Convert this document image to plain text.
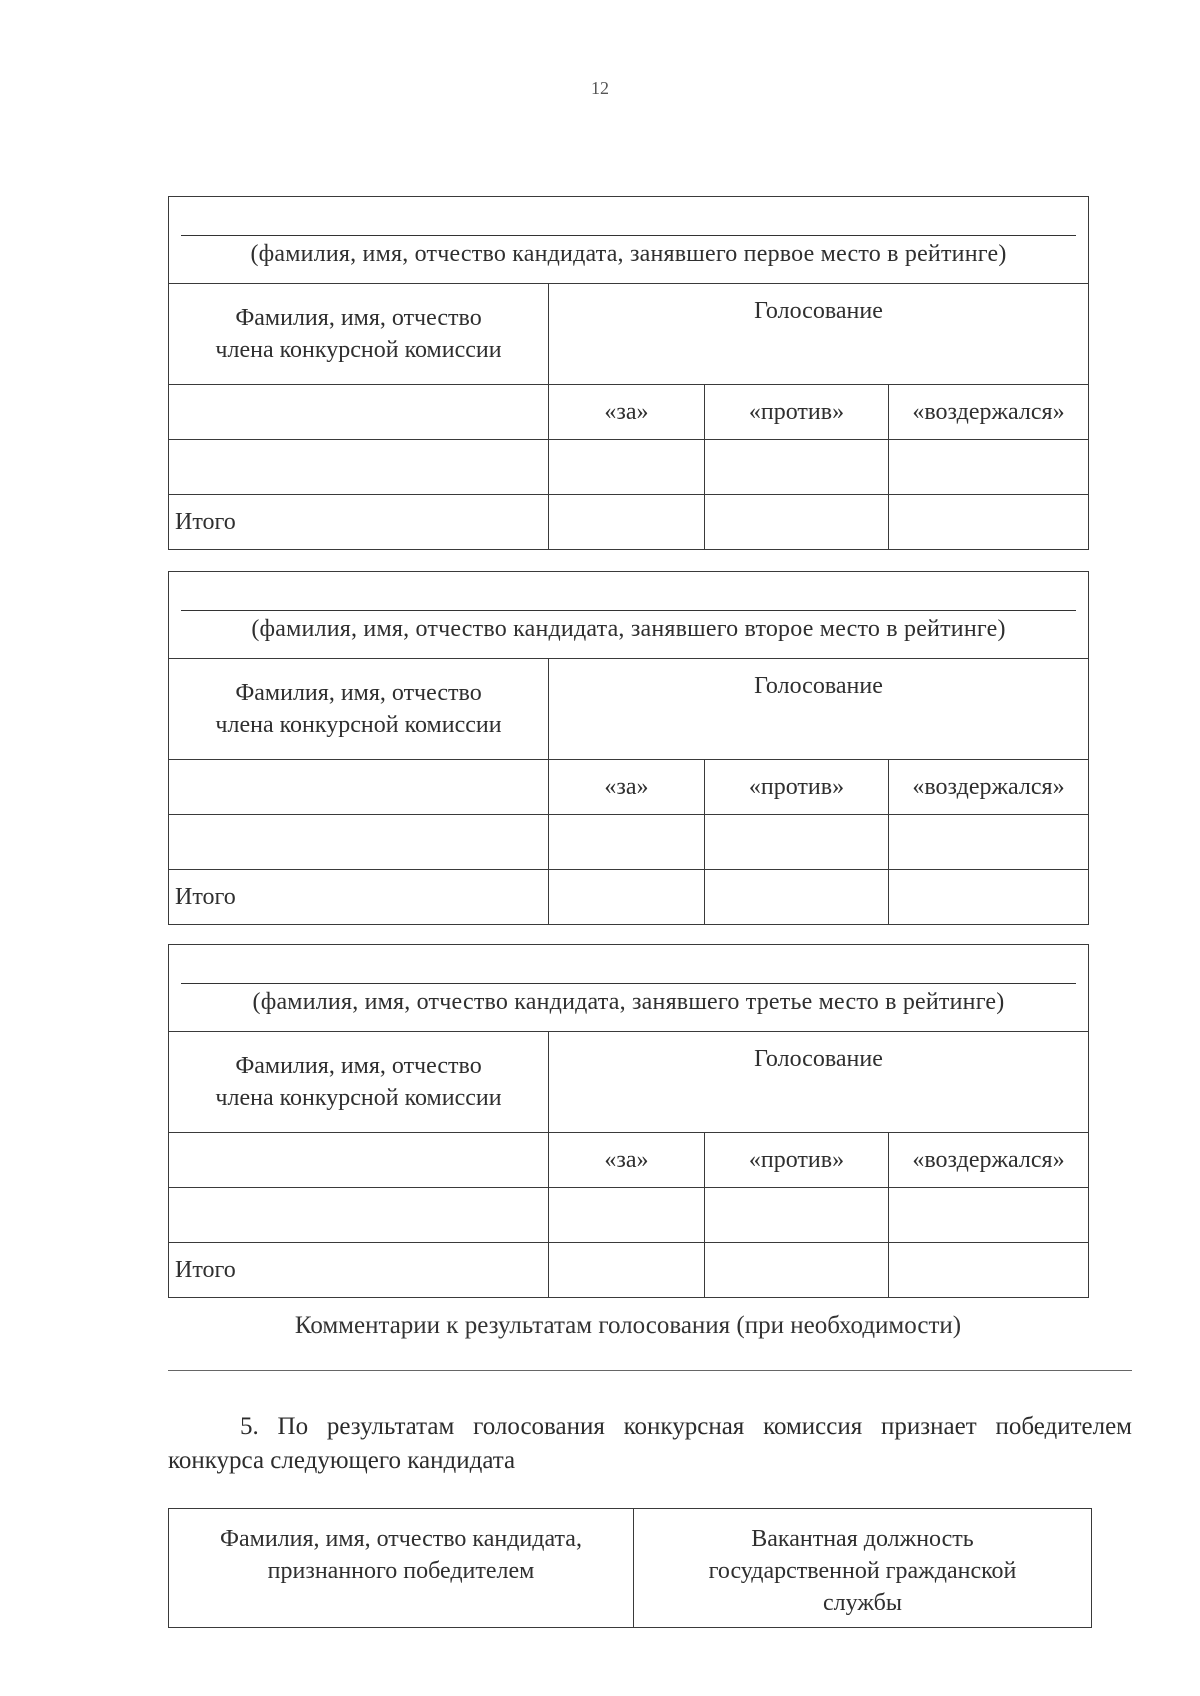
12
(фамилия, имя, отчество кандидата, занявшего первое место в рейтинге)			

Фамилия, имя, отчество
члена конкурсной комиссии	Голосование		
	«за»	«против»	«воздержался»

Итого			
(фамилия, имя, отчество кандидата, занявшего второе место в рейтинге)			

Фамилия, имя, отчество
члена конкурсной комиссии	Голосование		
	«за»	«против»	«воздержался»

Итого			
(фамилия, имя, отчество кандидата, занявшего третье место в рейтинге)			

Фамилия, имя, отчество
члена конкурсной комиссии	Голосование		
	«за»	«против»	«воздержался»

Итого			
Комментарии к результатам голосования (при необходимости)
5. По результатам голосования конкурсная комиссия признает победителем конкурса следующего кандидата
Фамилия, имя, отчество кандидата,
признанного победителем	Вакантная должность
государственной гражданской
службы
